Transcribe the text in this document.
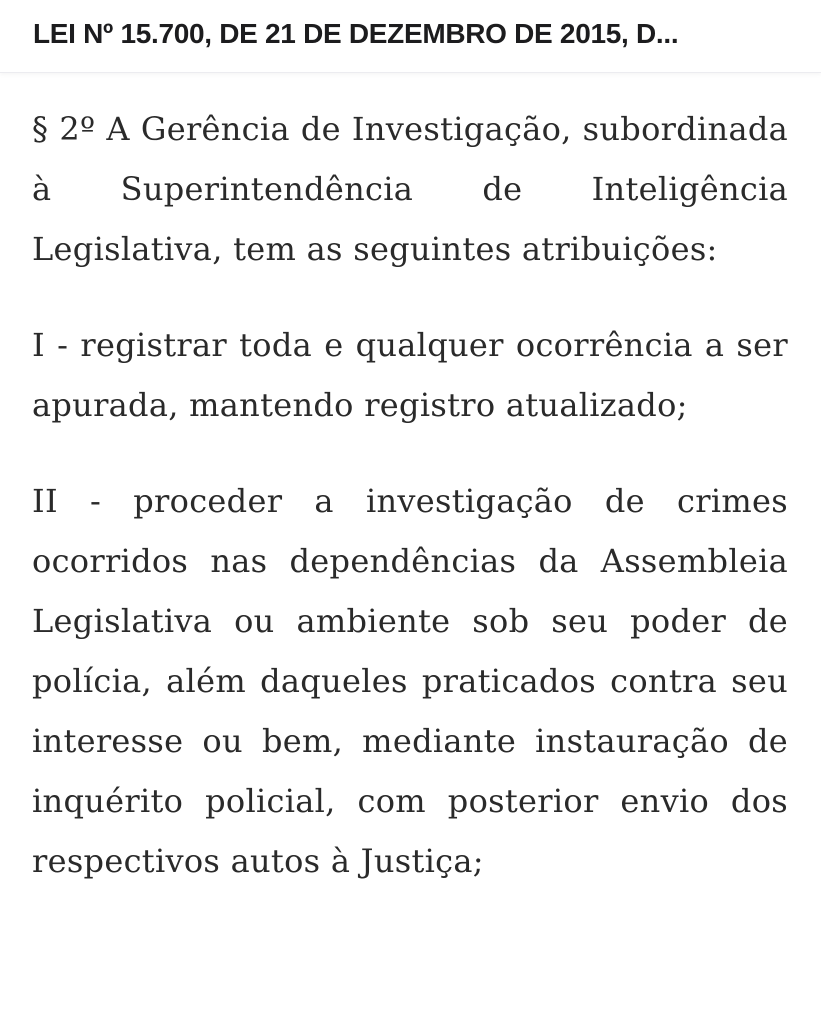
LEI Nº 15.700, DE 21 DE DEZEMBRO DE 2015, D...

§ 2º A Gerência de Investigação, subordinada à Superintendência de Inteligência Legislativa, tem as seguintes atribuições:

I - registrar toda e qualquer ocorrência a ser apurada, mantendo registro atualizado;

II - proceder a investigação de crimes ocorridos nas dependências da Assembleia Legislativa ou ambiente sob seu poder de polícia, além daqueles praticados contra seu interesse ou bem, mediante instauração de inquérito policial, com posterior envio dos respectivos autos à Justiça;
